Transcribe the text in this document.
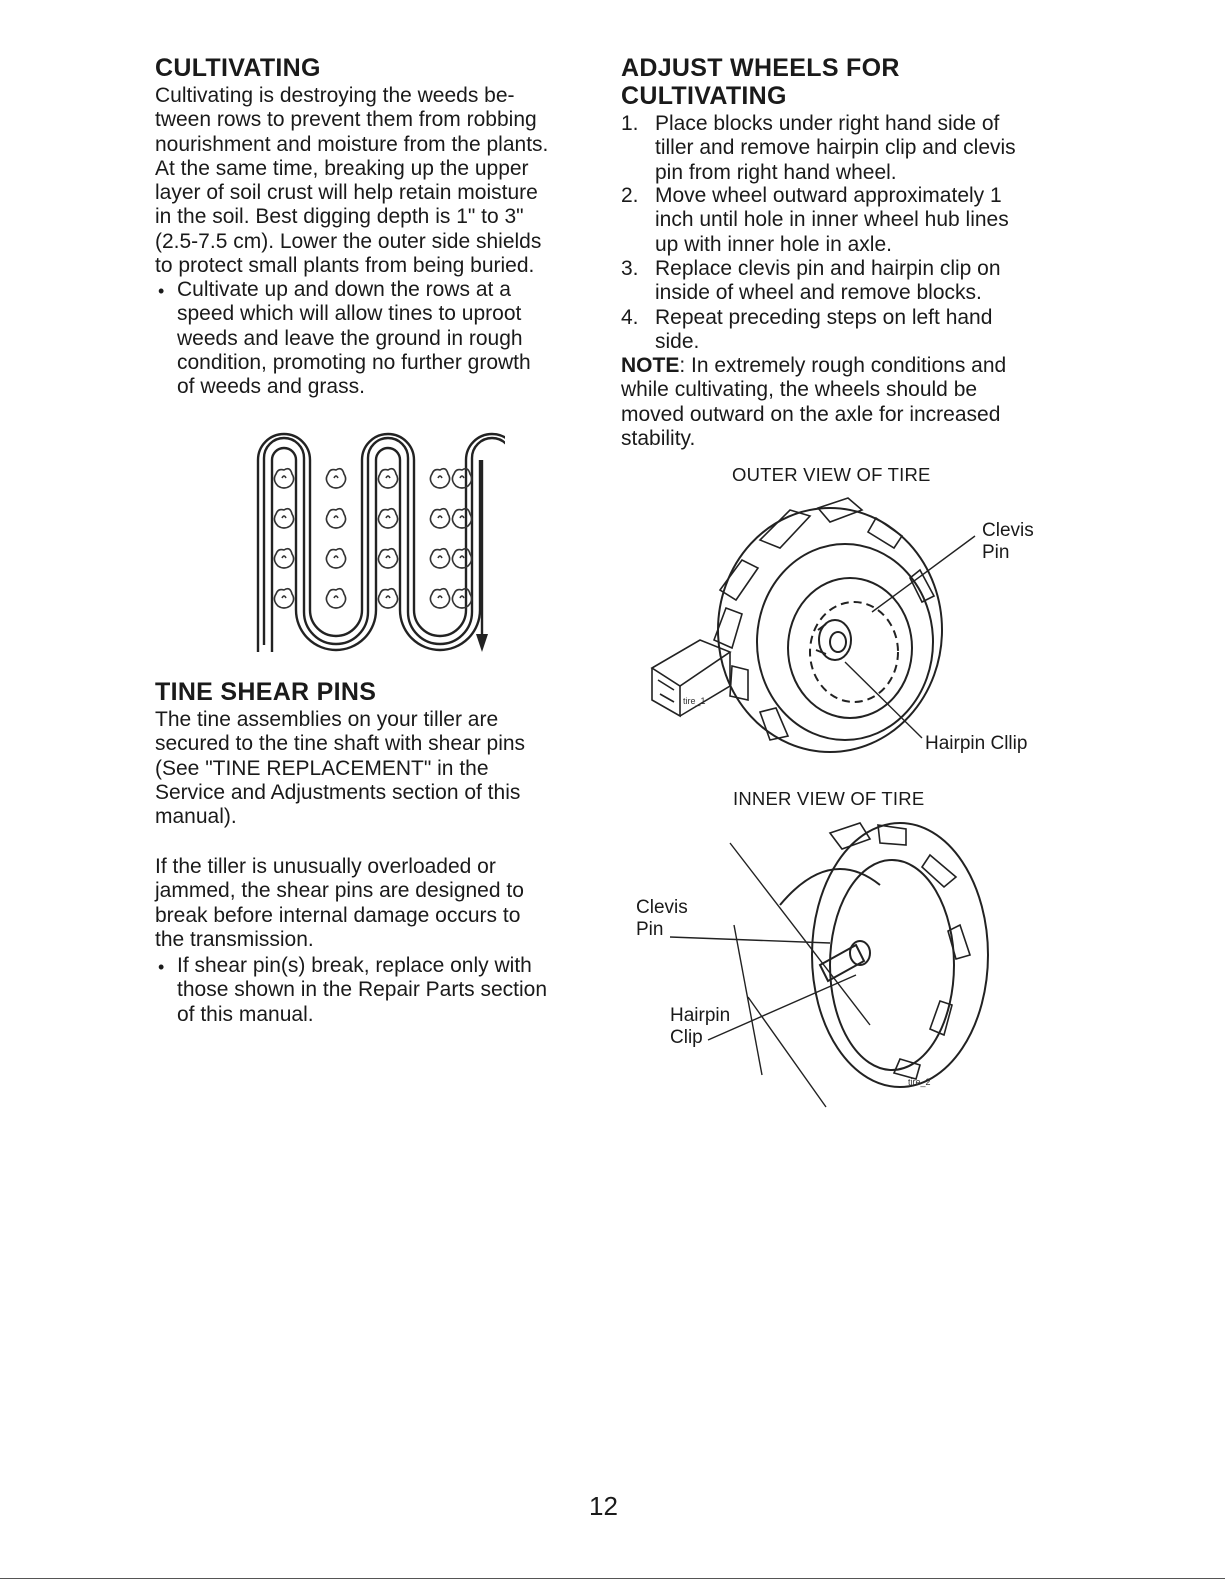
CULTIVATING

Cultivating is destroying the weeds be-
tween rows to prevent them from robbing
nourishment and moisture from the plants.
At the same time, breaking up the upper
layer of soil crust will help retain moisture
in the soil. Best digging depth is 1" to 3"
(2.5-7.5 cm). Lower the outer side shields
to protect small plants from being buried.

• Cultivate up and down the rows at a
speed which will allow tines to uproot
weeds and leave the ground in rough
condition, promoting no further growth
of weeds and grass.

TINE SHEAR PINS

The tine assemblies on your tiller are
secured to the tine shaft with shear pins
(See "TINE REPLACEMENT" in the
Service and Adjustments section of this
manual).

If the tiller is unusually overloaded or
jammed, the shear pins are designed to
break before internal damage occurs to
the transmission.

• If shear pin(s) break, replace only with
those shown in the Repair Parts section
of this manual.

ADJUST WHEELS FOR
CULTIVATING
1. Place blocks under right hand side of
tiller and remove hairpin clip and clevis
pin from right hand wheel.

2. Move wheel outward approximately 1
inch until hole in inner wheel hub lines
up with inner hole in axle.

3. Replace clevis pin and hairpin clip on
inside of wheel and remove blocks.

4. Repeat preceding steps on left hand
side.

NOTE: In extremely rough conditions and
while cultivating, the wheels should be
moved outward on the axle for increased
stability.

OUTER VIEW OF TIRE
tire_1
Clevis
Pin
Hairpin Cllip
INNER VIEW OF TIRE
tire_2
Clevis
Pin
Hairpin
Clip
12
